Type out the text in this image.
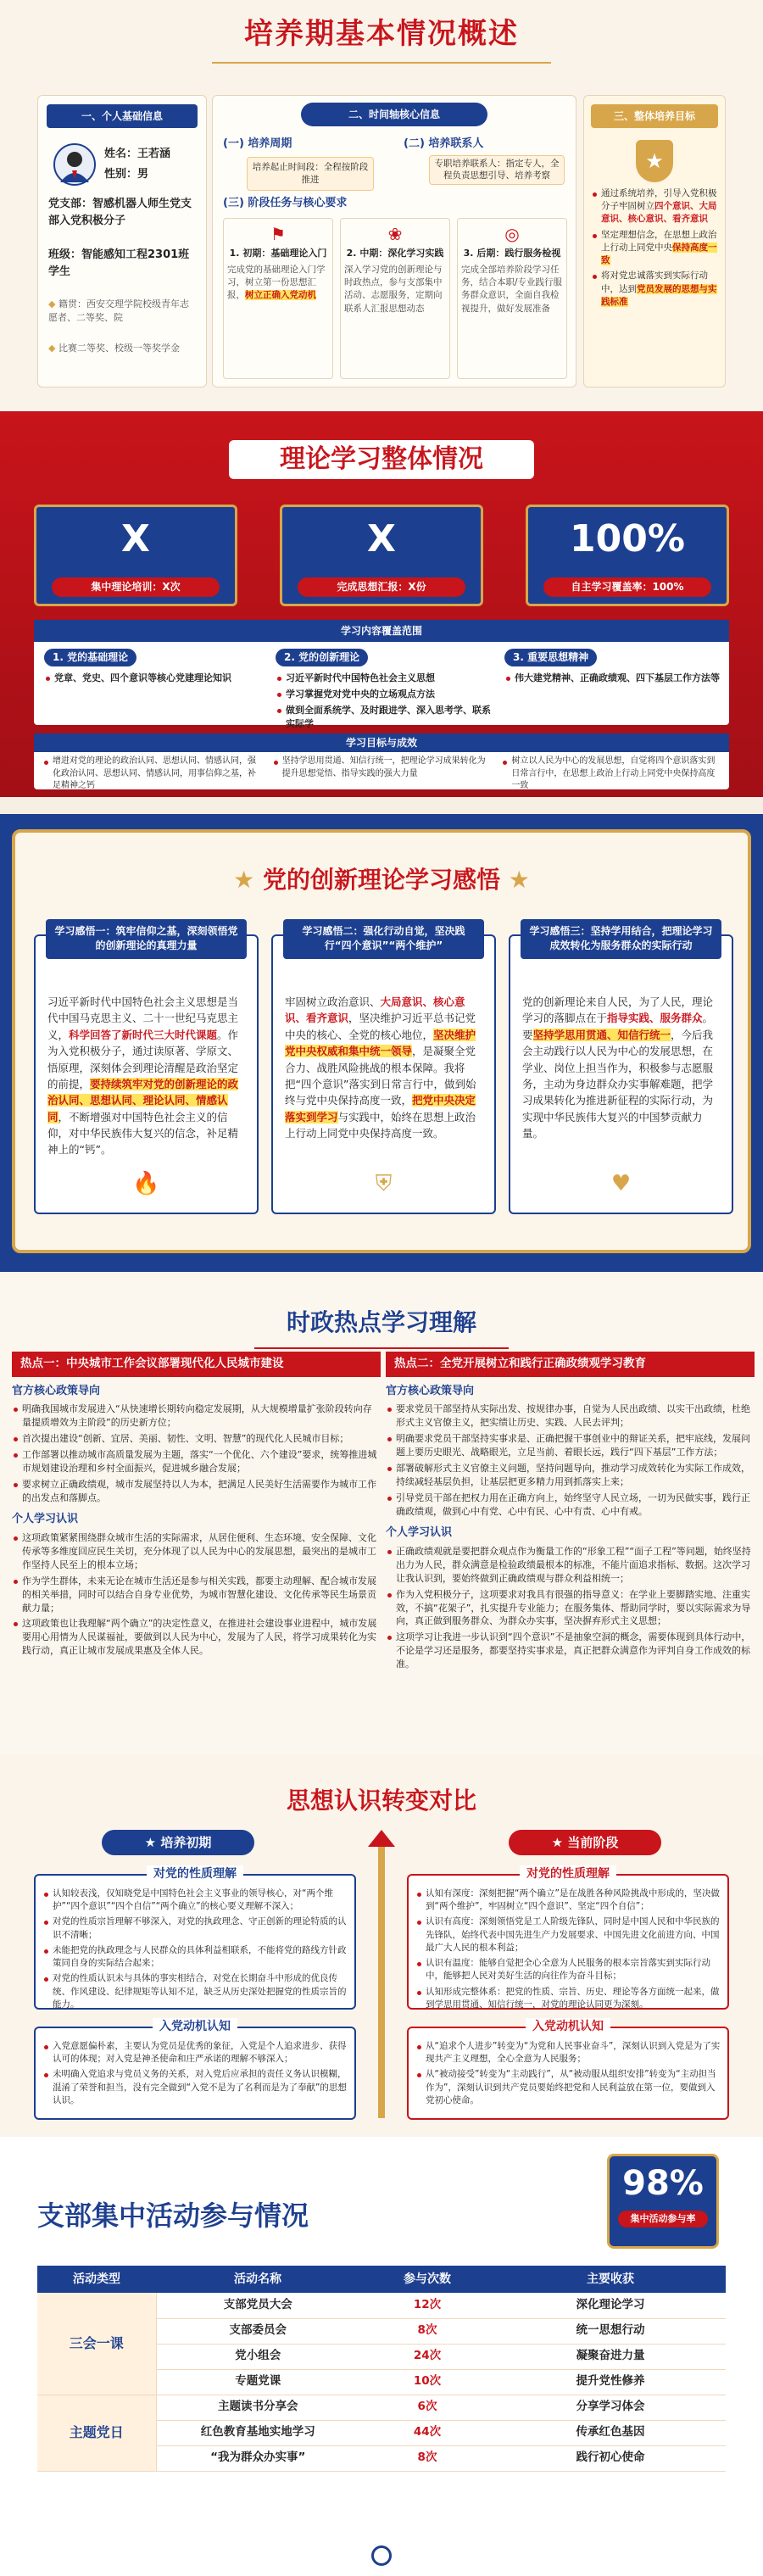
培养期基本情况概述
一、个人基础信息
姓名：王若涵
性别：男
党支部：智感机器人师生党支部入党积极分子
班级：智能感知工程2301班学生
◆ 籍贯：西安交理学院校级青年志愿者、二等奖、院
◆ 比赛二等奖、校级一等奖学金
二、时间轴核心信息
(一) 培养周期
培养起止时间段：全程按阶段推进
(二) 培养联系人
专职培养联系人：指定专人，全程负责思想引导、培养考察
(三) 阶段任务与核心要求
⚑
1. 初期：基础理论入门
完成党的基础理论入门学习，树立第一份思想汇报，树立正确入党动机
❀
2. 中期：深化学习实践
深入学习党的创新理论与时政热点，参与支部集中活动、志愿服务，定期向联系人汇报思想动态
◎
3. 后期：践行服务检视
完成全部培养阶段学习任务，结合本职/专业践行服务群众意识，全面自我检视提升，做好发展准备
三、整体培养目标
★
通过系统培养，引导入党积极分子牢固树立四个意识、大局意识、核心意识、看齐意识
坚定理想信念，在思想上政治上行动上同党中央保持高度一致
将对党忠诚落实到实际行动中，达到党员发展的思想与实践标准
理论学习整体情况
X
集中理论培训：X次
X
完成思想汇报：X份
100%
自主学习覆盖率：100%
学习内容覆盖范围
1. 党的基础理论
党章、党史、四个意识等核心党建理论知识
2. 党的创新理论
习近平新时代中国特色社会主义思想
学习掌握党对党中央的立场观点方法
做到全面系统学、及时跟进学、深入思考学、联系实际学
3. 重要思想精神
伟大建党精神、正确政绩观、四下基层工作方法等
学习目标与成效
增进对党的理论的政治认同、思想认同、情感认同，强化政治认同、思想认同、情感认同，用事信仰之基，补足精神之钙
坚持学思用贯通、知信行统一，把理论学习成果转化为提升思想觉悟、指导实践的强大力量
树立以人民为中心的发展思想，自觉将四个意识落实到日常言行中，在思想上政治上行动上同党中央保持高度一致
★ 党的创新理论学习感悟 ★
学习感悟一：筑牢信仰之基，深刻领悟党的创新理论的真理力量
习近平新时代中国特色社会主义思想是当代中国马克思主义、二十一世纪马克思主义，科学回答了新时代三大时代课题。作为入党积极分子，通过读原著、学原文、悟原理，深刻体会到理论清醒是政治坚定的前提，要持续筑牢对党的创新理论的政治认同、思想认同、理论认同、情感认同，不断增强对中国特色社会主义的信仰，对中华民族伟大复兴的信念，补足精神上的“钙”。
🔥
学习感悟二：强化行动自觉，坚决践行“四个意识”“两个维护”
牢固树立政治意识、大局意识、核心意识、看齐意识，坚决维护习近平总书记党中央的核心、全党的核心地位，坚决维护党中央权威和集中统一领导，是凝聚全党合力、战胜风险挑战的根本保障。我将把“四个意识”落实到日常言行中，做到始终与党中央保持高度一致，把党中央决定落实到学习与实践中，始终在思想上政治上行动上同党中央保持高度一致。
⛨
学习感悟三：坚持学用结合，把理论学习成效转化为服务群众的实际行动
党的创新理论来自人民，为了人民，理论学习的落脚点在于指导实践、服务群众。要坚持学思用贯通、知信行统一，今后我会主动践行以人民为中心的发展思想，在学业、岗位上担当作为，积极参与志愿服务，主动为身边群众办实事解难题，把学习成果转化为推进新征程的实际行动，为实现中华民族伟大复兴的中国梦贡献力量。
♥
时政热点学习理解
热点一：中央城市工作会议部署现代化人民城市建设
官方核心政策导向
明确我国城市发展进入“从快速增长期转向稳定发展期，从大规模增量扩张阶段转向存量提质增效为主阶段”的历史新方位；
首次提出建设“创新、宜居、美丽、韧性、文明、智慧”的现代化人民城市目标；
工作部署以推动城市高质量发展为主题，落实“一个优化、六个建设”要求，统筹推进城市规划建设治理和乡村全面振兴，促进城乡融合发展；
要求树立正确政绩观，城市发展坚持以人为本，把满足人民美好生活需要作为城市工作的出发点和落脚点。
个人学习认识
这项政策紧紧围绕群众城市生活的实际需求，从居住便利、生态环境、安全保障、文化传承等多维度回应民生关切，充分体现了以人民为中心的发展思想，最突出的是城市工作坚持人民至上的根本立场；
作为学生群体，未来无论在城市生活还是参与相关实践，都要主动理解、配合城市发展的相关举措，同时可以结合自身专业优势，为城市智慧化建设、文化传承等民生场景贡献力量；
这项政策也让我理解“两个确立”的决定性意义，在推进社会建设事业进程中，城市发展要用心用情为人民谋福祉，要做到以人民为中心，发展为了人民，将学习成果转化为实践行动，真正让城市发展成果惠及全体人民。
热点二：全党开展树立和践行正确政绩观学习教育
官方核心政策导向
要求党员干部坚持从实际出发、按规律办事，自觉为人民出政绩、以实干出政绩，杜绝形式主义官僚主义，把实绩让历史、实践、人民去评判；
明确要求党员干部坚持实事求是、正确把握干事创业中的辩证关系，把牢底线，发展问题上要历史眼光、战略眼光，立足当前、着眼长远，践行“四下基层”工作方法；
部署破解形式主义官僚主义问题，坚持问题导向，推动学习成效转化为实际工作成效，持续减轻基层负担，让基层把更多精力用到抓落实上来；
引导党员干部在把权力用在正确方向上，始终坚守人民立场，一切为民做实事，践行正确政绩观，做到心中有党、心中有民、心中有责、心中有戒。
个人学习认识
正确政绩观就是要把群众观点作为衡量工作的“形象工程”“面子工程”等问题，始终坚持出力为人民，群众满意是检验政绩最根本的标准，不能片面追求指标、数据。这次学习让我认识到，要始终做到正确政绩观与群众利益相统一；
作为入党积极分子，这项要求对我具有很强的指导意义：在学业上要脚踏实地、注重实效，不搞“花架子”，扎实提升专业能力；在服务集体、帮助同学时，要以实际需求为导向，真正做到服务群众、为群众办实事，坚决摒弃形式主义思想；
这项学习让我进一步认识到“四个意识”不是抽象空洞的概念，需要体现到具体行动中，不论是学习还是服务，都要坚持实事求是，真正把群众满意作为评判自身工作成效的标准。
思想认识转变对比
★ 培养初期	★ 当前阶段
对党的性质理解
认知较表浅，仅知晓党是中国特色社会主义事业的领导核心，对“两个维护”“四个意识”“四个自信”“两个确立”的核心要义理解不深入；
对党的性质宗旨理解不够深入，对党的执政理念、守正创新的理论特质的认识不清晰；
未能把党的执政理念与人民群众的具体利益相联系，不能将党的路线方针政策同自身的实际结合起来；
对党的性质认识未与具体的事实相结合，对党在长期奋斗中形成的优良传统、作风建设、纪律规矩等认知不足，缺乏从历史深处把握党的性质宗旨的能力。
入党动机认知
入党意愿偏朴素，主要认为党员是优秀的象征，入党是个人追求进步、获得认可的体现；对入党是神圣使命和庄严承诺的理解不够深入；
未明确入党追求与党员义务的关系，对入党后应承担的责任义务认识模糊，混淆了荣誉和担当，没有完全做到“入党不是为了名利而是为了奉献”的思想认识。
对党的性质理解
认知有深度：深刻把握“两个确立”是在战胜各种风险挑战中形成的，坚决做到“两个维护”，牢固树立“四个意识”、坚定“四个自信”；
认识有高度：深刻领悟党是工人阶级先锋队，同时是中国人民和中华民族的先锋队，始终代表中国先进生产力发展要求、中国先进文化前进方向、中国最广大人民的根本利益；
认识有温度：能够自觉把全心全意为人民服务的根本宗旨落实到实际行动中，能够把人民对美好生活的向往作为奋斗目标；
认知形成完整体系：把党的性质、宗旨、历史、理论等各方面统一起来，做到学思用贯通、知信行统一，对党的理论认同更为深刻。
入党动机认知
从“追求个人进步”转变为“为党和人民事业奋斗”，深刻认识到入党是为了实现共产主义理想，全心全意为人民服务；
从“被动接受”转变为“主动践行”，从“被动服从组织安排”转变为“主动担当作为”，深刻认识到共产党员要始终把党和人民利益放在第一位，要做到入党初心使命。
支部集中活动参与情况
98%
集中活动参与率
活动类型	活动名称	参与次数	主要收获
三会一课	支部党员大会	12次	深化理论学习
	支部委员会	8次	统一思想行动
	党小组会	24次	凝聚奋进力量
	专题党课	10次	提升党性修养
主题党日	主题读书分享会	6次	分享学习体会
	红色教育基地实地学习	44次	传承红色基因
	“我为群众办实事”	8次	践行初心使命
